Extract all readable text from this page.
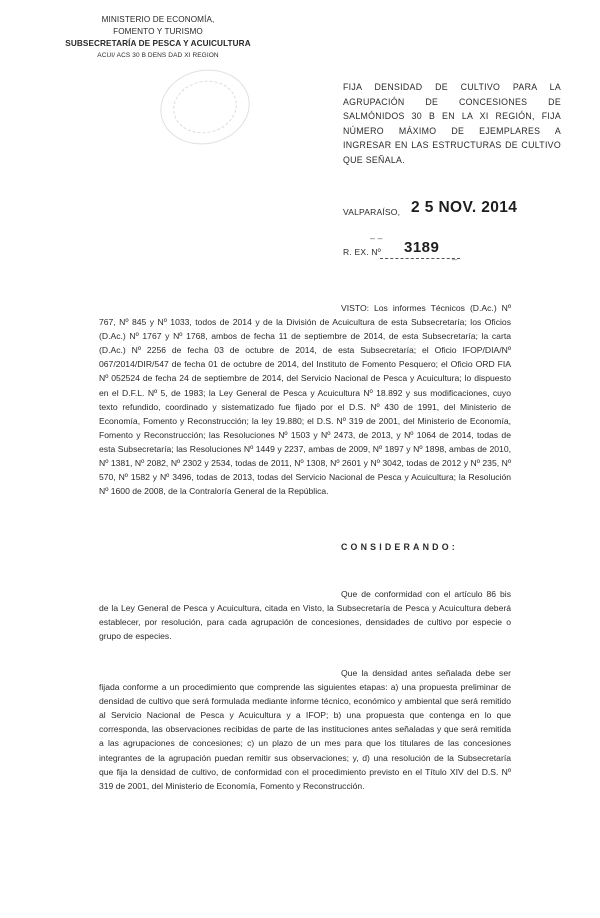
MINISTERIO DE ECONOMÍA,
FOMENTO Y TURISMO
SUBSECRETARÍA DE PESCA Y ACUICULTURA
ACUI/ ACS 30 B DENS DAD XI REGION
FIJA DENSIDAD DE CULTIVO PARA LA AGRUPACIÓN DE CONCESIONES DE SALMÓNIDOS 30 B EN LA XI REGIÓN, FIJA NÚMERO MÁXIMO DE EJEMPLARES A INGRESAR EN LAS ESTRUCTURAS DE CULTIVO QUE SEÑALA.
VALPARAÍSO, 2 5 NOV. 2014
– –
R. EX. Nº 3189 _
VISTO: Los informes Técnicos (D.Ac.) Nº 767, Nº 845 y Nº 1033, todos de 2014 y de la División de Acuicultura de esta Subsecretaría; los Oficios (D.Ac.) Nº 1767 y Nº 1768, ambos de fecha 11 de septiembre de 2014, de esta Subsecretaría; la carta (D.Ac.) Nº 2256 de fecha 03 de octubre de 2014, de esta Subsecretaría; el Oficio IFOP/DIA/Nº 067/2014/DIR/547 de fecha 01 de octubre de 2014, del Instituto de Fomento Pesquero; el Oficio ORD FIA Nº 052524 de fecha 24 de septiembre de 2014, del Servicio Nacional de Pesca y Acuicultura; lo dispuesto en el D.F.L. Nº 5, de 1983; la Ley General de Pesca y Acuicultura Nº 18.892 y sus modificaciones, cuyo texto refundido, coordinado y sistematizado fue fijado por el D.S. Nº 430 de 1991, del Ministerio de Economía, Fomento y Reconstrucción; la ley 19.880; el D.S. Nº 319 de 2001, del Ministerio de Economía, Fomento y Reconstrucción; las Resoluciones Nº 1503 y Nº 2473, de 2013, y Nº 1064 de 2014, todas de esta Subsecretaría; las Resoluciones Nº 1449 y 2237, ambas de 2009, Nº 1897 y Nº 1898, ambas de 2010, Nº 1381, Nº 2082, Nº 2302 y 2534, todas de 2011, Nº 1308, Nº 2601 y Nº 3042, todas de 2012 y Nº 235, Nº 570, Nº 1582 y Nº 3496, todas de 2013, todas del Servicio Nacional de Pesca y Acuicultura; la Resolución Nº 1600 de 2008, de la Contraloría General de la República.
CONSIDERANDO:
Que de conformidad con el artículo 86 bis de la Ley General de Pesca y Acuicultura, citada en Visto, la Subsecretaría de Pesca y Acuicultura deberá establecer, por resolución, para cada agrupación de concesiones, densidades de cultivo por especie o grupo de especies.
Que la densidad antes señalada debe ser fijada conforme a un procedimiento que comprende las siguientes etapas: a) una propuesta preliminar de densidad de cultivo que será formulada mediante informe técnico, económico y ambiental que será remitido al Servicio Nacional de Pesca y Acuicultura y a IFOP; b) una propuesta que contenga en lo que corresponda, las observaciones recibidas de parte de las instituciones antes señaladas y que será remitida a las agrupaciones de concesiones; c) un plazo de un mes para que los titulares de las concesiones integrantes de la agrupación puedan remitir sus observaciones; y, d) una resolución de la Subsecretaría que fija la densidad de cultivo, de conformidad con el procedimiento previsto en el Título XIV del D.S. Nº 319 de 2001, del Ministerio de Economía, Fomento y Reconstrucción.
